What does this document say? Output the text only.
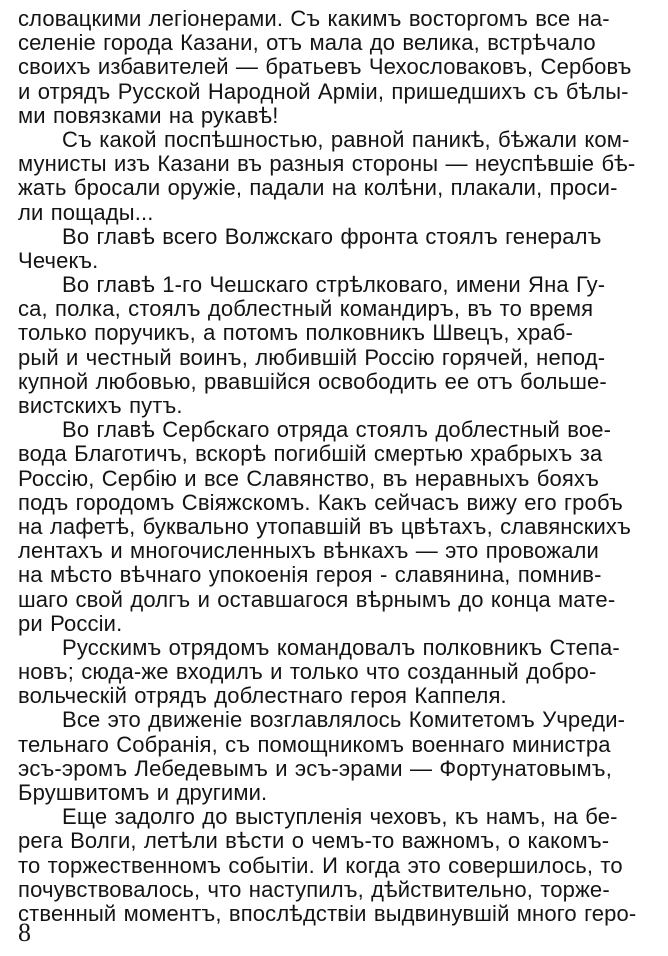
словацкими легіонерами. Съ какимъ восторгомъ все на-
селеніе города Казани, отъ мала до велика, встрѣчало
своихъ избавителей — братьевъ Чехословаковъ, Сербовъ
и отрядъ Русской Народной Арміи, пришедшихъ съ бѣлы-
ми повязками на рукавѣ!
Съ какой поспѣшностью, равной паникѣ, бѣжали ком-
мунисты изъ Казани въ разныя стороны — неуспѣвшіе бѣ-
жать бросали оружіе, падали на колѣни, плакали, проси-
ли пощады...
Во главѣ всего Волжскаго фронта стоялъ генералъ
Чечекъ.
Во главѣ 1-го Чешскаго стрѣлковаго, имени Яна Гу-
са, полка, стоялъ доблестный командиръ, въ то время
только поручикъ, а потомъ полковникъ Швецъ, храб-
рый и честный воинъ, любившій Россію горячей, непод-
купной любовью, рвавшійся освободить ее отъ больше-
вистскихъ путъ.
Во главѣ Сербскаго отряда стоялъ доблестный вое-
вода Благотичъ, вскорѣ погибшій смертью храбрыхъ за
Россію, Сербію и все Славянство, въ неравныхъ бояхъ
подъ городомъ Свіяжскомъ. Какъ сейчасъ вижу его гробъ
на лафетѣ, буквально утопавшій въ цвѣтахъ, славянскихъ
лентахъ и многочисленныхъ вѣнкахъ — это провожали
на мѣсто вѣчнаго упокоенія героя - славянина, помнив-
шаго свой долгъ и оставшагося вѣрнымъ до конца матe-
ри Россіи.
Русскимъ отрядомъ командовалъ полковникъ Степа-
новъ; сюда-же входилъ и только что созданный добро-
вольческій отрядъ доблестнаго героя Каппеля.
Все это движеніе возглавлялось Комитетомъ Учреди-
тельнаго Собранія, съ помощникомъ военнаго министра
эсъ-эромъ Лебедевымъ и эсъ-эрами — Фортунатовымъ,
Брушвитомъ и другими.
Еще задолго до выступленія чеховъ, къ намъ, на бе-
рега Волги, летѣли вѣсти о чемъ-то важномъ, о какомъ-
то торжественномъ событіи. И когда это совершилось, то
почувствовалось, что наступилъ, дѣйствительно, торже-
ственный моментъ, впослѣдствіи выдвинувшій много геро-
8
